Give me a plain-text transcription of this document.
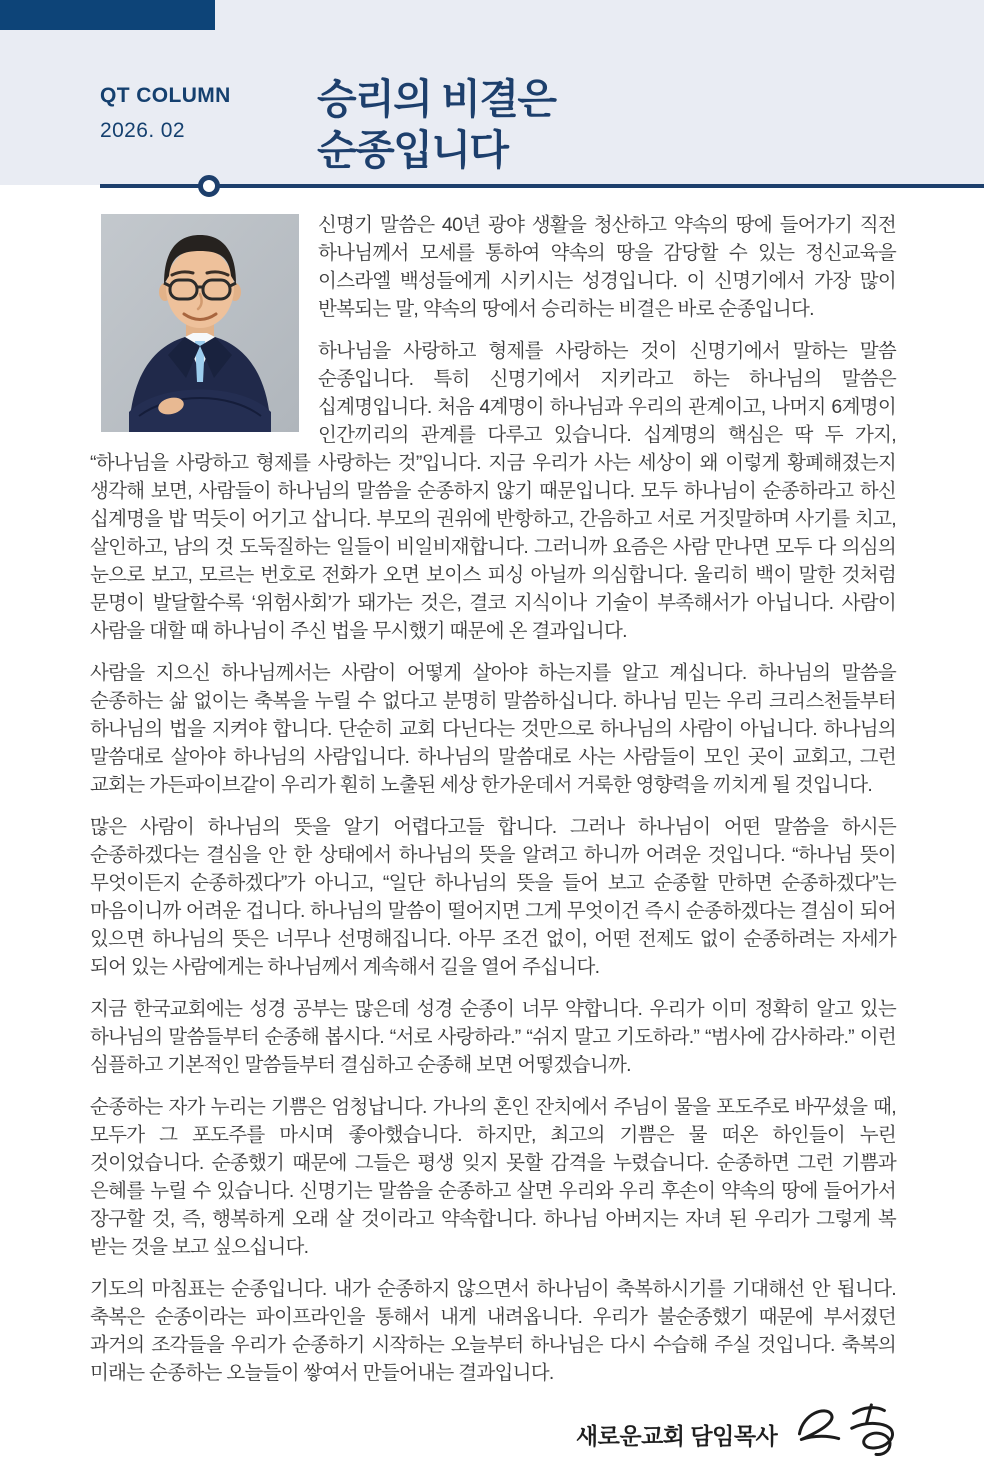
QT COLUMN
2026. 02
승리의 비결은
순종입니다

신명기 말씀은 40년 광야 생활을 청산하고 약속의 땅에 들어가기 직전 하나님께서 모세를 통하여 약속의 땅을 감당할 수 있는 정신교육을 이스라엘 백성들에게 시키시는 성경입니다. 이 신명기에서 가장 많이 반복되는 말, 약속의 땅에서 승리하는 비결은 바로 순종입니다.

하나님을 사랑하고 형제를 사랑하는 것이 신명기에서 말하는 말씀 순종입니다. 특히 신명기에서 지키라고 하는 하나님의 말씀은 십계명입니다. 처음 4계명이 하나님과 우리의 관계이고, 나머지 6계명이 인간끼리의 관계를 다루고 있습니다. 십계명의 핵심은 딱 두 가지, “하나님을 사랑하고 형제를 사랑하는 것”입니다. 지금 우리가 사는 세상이 왜 이렇게 황폐해졌는지 생각해 보면, 사람들이 하나님의 말씀을 순종하지 않기 때문입니다. 모두 하나님이 순종하라고 하신 십계명을 밥 먹듯이 어기고 삽니다. 부모의 권위에 반항하고, 간음하고 서로 거짓말하며 사기를 치고, 살인하고, 남의 것 도둑질하는 일들이 비일비재합니다. 그러니까 요즘은 사람 만나면 모두 다 의심의 눈으로 보고, 모르는 번호로 전화가 오면 보이스 피싱 아닐까 의심합니다. 울리히 백이 말한 것처럼 문명이 발달할수록 ‘위험사회’가 돼가는 것은, 결코 지식이나 기술이 부족해서가 아닙니다. 사람이 사람을 대할 때 하나님이 주신 법을 무시했기 때문에 온 결과입니다.

사람을 지으신 하나님께서는 사람이 어떻게 살아야 하는지를 알고 계십니다. 하나님의 말씀을 순종하는 삶 없이는 축복을 누릴 수 없다고 분명히 말씀하십니다. 하나님 믿는 우리 크리스천들부터 하나님의 법을 지켜야 합니다. 단순히 교회 다닌다는 것만으로 하나님의 사람이 아닙니다. 하나님의 말씀대로 살아야 하나님의 사람입니다. 하나님의 말씀대로 사는 사람들이 모인 곳이 교회고, 그런 교회는 가든파이브같이 우리가 훤히 노출된 세상 한가운데서 거룩한 영향력을 끼치게 될 것입니다.

많은 사람이 하나님의 뜻을 알기 어렵다고들 합니다. 그러나 하나님이 어떤 말씀을 하시든 순종하겠다는 결심을 안 한 상태에서 하나님의 뜻을 알려고 하니까 어려운 것입니다. “하나님 뜻이 무엇이든지 순종하겠다”가 아니고, “일단 하나님의 뜻을 들어 보고 순종할 만하면 순종하겠다”는 마음이니까 어려운 겁니다. 하나님의 말씀이 떨어지면 그게 무엇이건 즉시 순종하겠다는 결심이 되어 있으면 하나님의 뜻은 너무나 선명해집니다. 아무 조건 없이, 어떤 전제도 없이 순종하려는 자세가 되어 있는 사람에게는 하나님께서 계속해서 길을 열어 주십니다.

지금 한국교회에는 성경 공부는 많은데 성경 순종이 너무 약합니다. 우리가 이미 정확히 알고 있는 하나님의 말씀들부터 순종해 봅시다. “서로 사랑하라.” “쉬지 말고 기도하라.” “범사에 감사하라.” 이런 심플하고 기본적인 말씀들부터 결심하고 순종해 보면 어떻겠습니까.

순종하는 자가 누리는 기쁨은 엄청납니다. 가나의 혼인 잔치에서 주님이 물을 포도주로 바꾸셨을 때, 모두가 그 포도주를 마시며 좋아했습니다. 하지만, 최고의 기쁨은 물 떠온 하인들이 누린 것이었습니다. 순종했기 때문에 그들은 평생 잊지 못할 감격을 누렸습니다. 순종하면 그런 기쁨과 은혜를 누릴 수 있습니다. 신명기는 말씀을 순종하고 살면 우리와 우리 후손이 약속의 땅에 들어가서 장구할 것, 즉, 행복하게 오래 살 것이라고 약속합니다. 하나님 아버지는 자녀 된 우리가 그렇게 복 받는 것을 보고 싶으십니다.

기도의 마침표는 순종입니다. 내가 순종하지 않으면서 하나님이 축복하시기를 기대해선 안 됩니다. 축복은 순종이라는 파이프라인을 통해서 내게 내려옵니다. 우리가 불순종했기 때문에 부서졌던 과거의 조각들을 우리가 순종하기 시작하는 오늘부터 하나님은 다시 수습해 주실 것입니다. 축복의 미래는 순종하는 오늘들이 쌓여서 만들어내는 결과입니다.

새로운교회 담임목사
